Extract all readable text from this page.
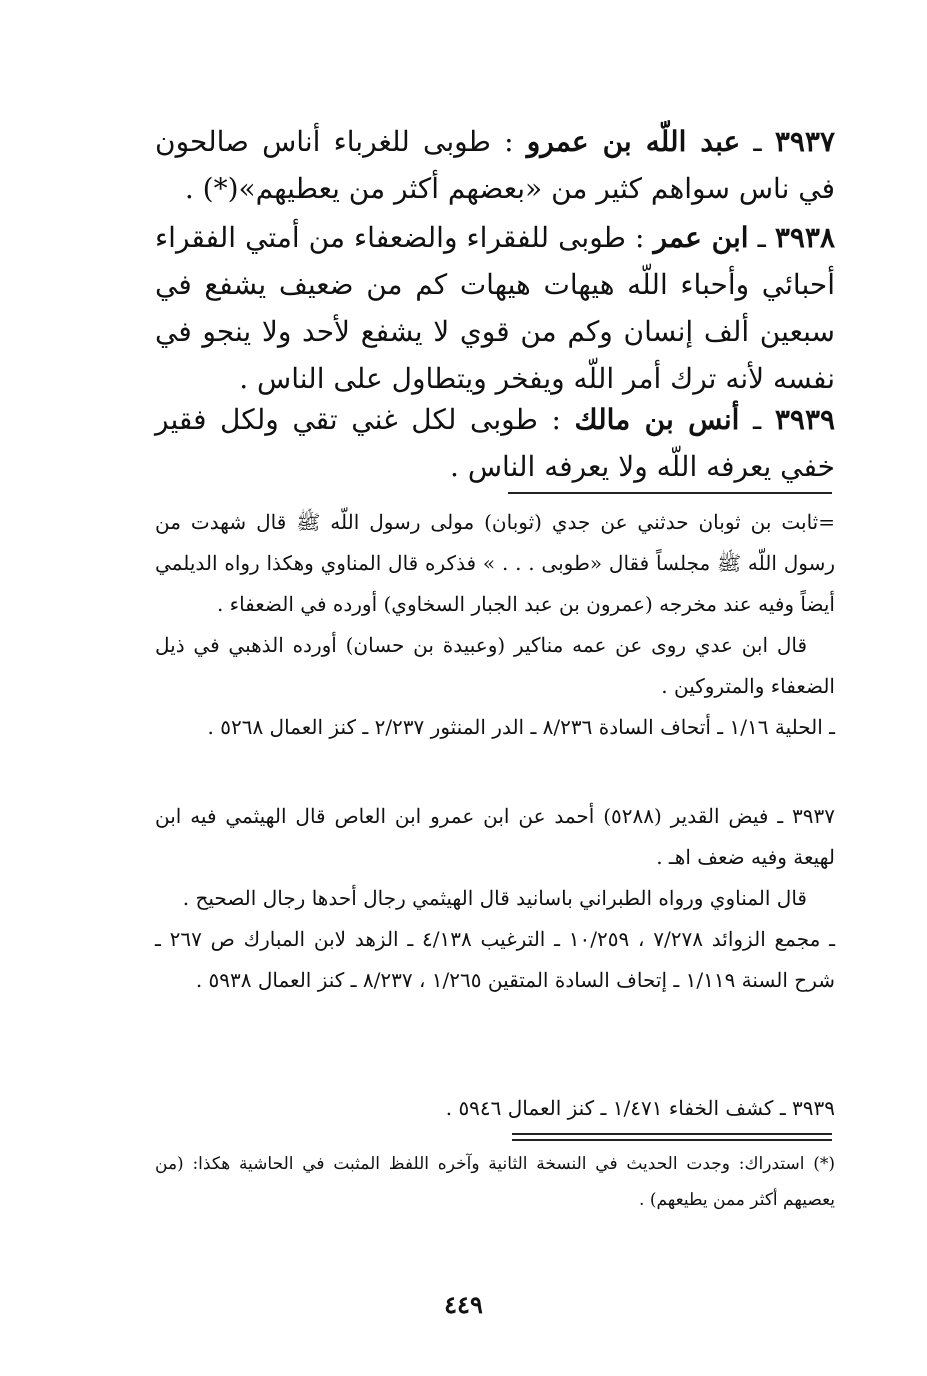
٣٩٣٧ ـ عبد اللّه بن عمرو : طوبى للغرباء أناس صالحون في ناس سواهم كثير من «بعضهم أكثر من يعطيهم»(*) .
٣٩٣٨ ـ ابن عمر : طوبى للفقراء والضعفاء من أمتي الفقراء أحبائي وأحباء اللّه هيهات هيهات كم من ضعيف يشفع في سبعين ألف إنسان وكم من قوي لا يشفع لأحد ولا ينجو في نفسه لأنه ترك أمر اللّه ويفخر ويتطاول على الناس .
٣٩٣٩ ـ أنس بن مالك : طوبى لكل غني تقي ولكل فقير خفي يعرفه اللّه ولا يعرفه الناس .

=ثابت بن ثوبان حدثني عن جدي (ثوبان) مولى رسول اللّه ﷺ قال شهدت من رسول اللّه ﷺ مجلساً فقال «طوبى . . . » فذكره قال المناوي وهكذا رواه الديلمي أيضاً وفيه عند مخرجه (عمرون بن عبد الجبار السخاوي) أورده في الضعفاء .

قال ابن عدي روى عن عمه مناكير (وعبيدة بن حسان) أورده الذهبي في ذيل الضعفاء والمتروكين .

ـ الحلية ١/١٦ ـ أتحاف السادة ٨/٢٣٦ ـ الدر المنثور ٢/٢٣٧ ـ كنز العمال ٥٢٦٨ .

٣٩٣٧ ـ فيض القدير (٥٢٨٨) أحمد عن ابن عمرو ابن العاص قال الهيثمي فيه ابن لهيعة وفيه ضعف اهـ .

قال المناوي ورواه الطبراني باسانيد قال الهيثمي رجال أحدها رجال الصحيح .

ـ مجمع الزوائد ٧/٢٧٨ ، ١٠/٢٥٩ ـ الترغيب ٤/١٣٨ ـ الزهد لابن المبارك ص ٢٦٧ ـ شرح السنة ١/١١٩ ـ إتحاف السادة المتقين ١/٢٦٥ ، ٨/٢٣٧ ـ كنز العمال ٥٩٣٨ .

٣٩٣٩ ـ كشف الخفاء ١/٤٧١ ـ كنز العمال ٥٩٤٦ .

(*) استدراك: وجدت الحديث في النسخة الثانية وآخره اللفظ المثبت في الحاشية هكذا: (من يعصيهم أكثر ممن يطيعهم) .

٤٤٩
